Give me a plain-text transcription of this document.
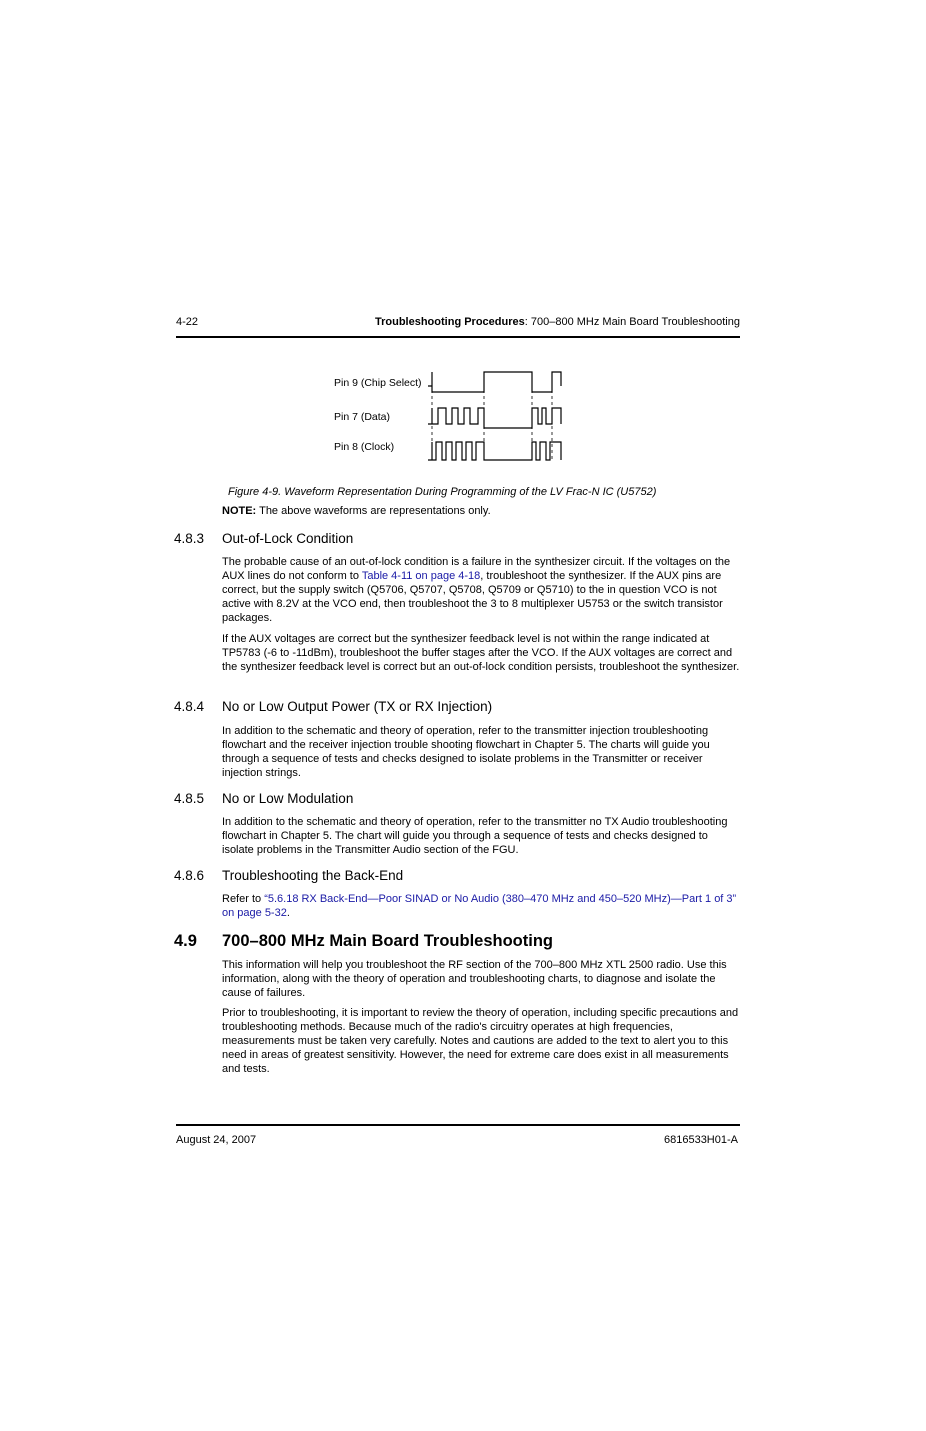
4-22	Troubleshooting Procedures: 700–800 MHz Main Board Troubleshooting
Pin 9 (Chip Select)
Pin 7 (Data)
Pin 8 (Clock)
Figure 4-9. Waveform Representation During Programming of the LV Frac-N IC (U5752)
NOTE: The above waveforms are representations only.
4.8.3 Out-of-Lock Condition
The probable cause of an out-of-lock condition is a failure in the synthesizer circuit. If the voltages on the AUX lines do not conform to Table 4-11 on page 4-18, troubleshoot the synthesizer. If the AUX pins are correct, but the supply switch (Q5706, Q5707, Q5708, Q5709 or Q5710) to the in question VCO is not active with 8.2V at the VCO end, then troubleshoot the 3 to 8 multiplexer U5753 or the switch transistor packages.
If the AUX voltages are correct but the synthesizer feedback level is not within the range indicated at TP5783 (-6 to -11dBm), troubleshoot the buffer stages after the VCO. If the AUX voltages are correct and the synthesizer feedback level is correct but an out-of-lock condition persists, troubleshoot the synthesizer.
4.8.4 No or Low Output Power (TX or RX Injection)
In addition to the schematic and theory of operation, refer to the transmitter injection troubleshooting flowchart and the receiver injection trouble shooting flowchart in Chapter 5. The charts will guide you through a sequence of tests and checks designed to isolate problems in the Transmitter or receiver injection strings.
4.8.5 No or Low Modulation
In addition to the schematic and theory of operation, refer to the transmitter no TX Audio troubleshooting flowchart in Chapter 5. The chart will guide you through a sequence of tests and checks designed to isolate problems in the Transmitter Audio section of the FGU.
4.8.6 Troubleshooting the Back-End
Refer to “5.6.18 RX Back-End—Poor SINAD or No Audio (380–470 MHz and 450–520 MHz)—Part 1 of 3” on page 5-32.
4.9 700–800 MHz Main Board Troubleshooting
This information will help you troubleshoot the RF section of the 700–800 MHz XTL 2500 radio. Use this information, along with the theory of operation and troubleshooting charts, to diagnose and isolate the cause of failures.
Prior to troubleshooting, it is important to review the theory of operation, including specific precautions and troubleshooting methods. Because much of the radio's circuitry operates at high frequencies, measurements must be taken very carefully. Notes and cautions are added to the text to alert you to this need in areas of greatest sensitivity. However, the need for extreme care does exist in all measurements and tests.
August 24, 2007	6816533H01-A
